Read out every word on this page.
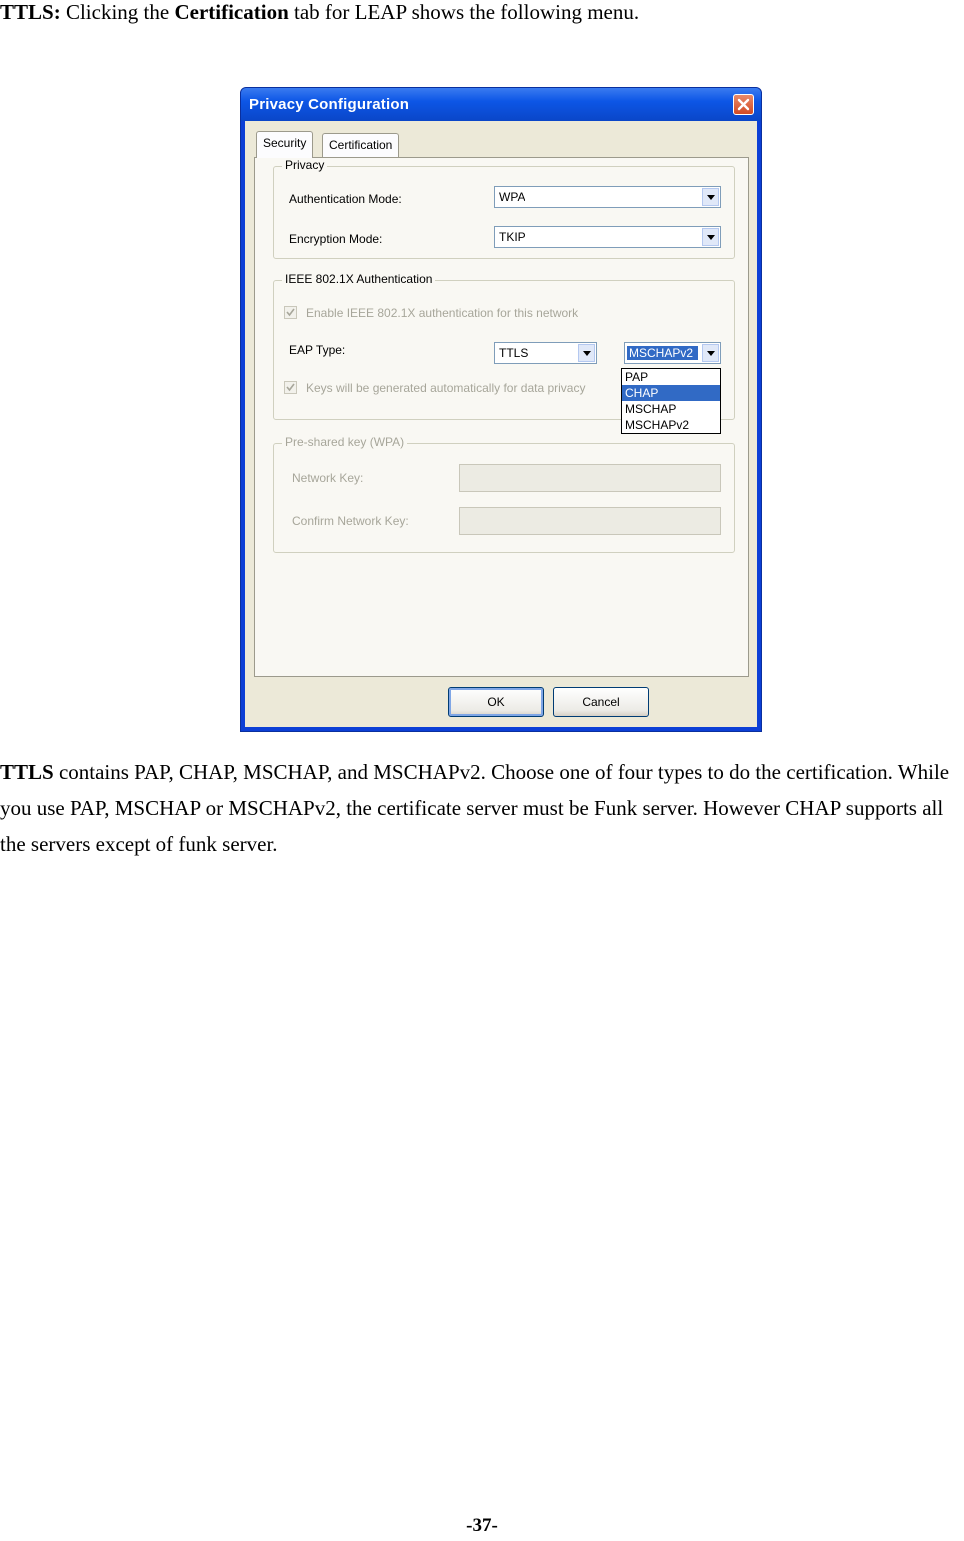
TTLS: Clicking the Certification tab for LEAP shows the following menu.
Privacy Configuration
Security	Certification
Privacy
Authentication Mode:	WPA
Encryption Mode:	TKIP
IEEE 802.1X Authentication
Enable IEEE 802.1X authentication for this network
EAP Type:	TTLS	MSCHAPv2
Keys will be generated automatically for data privacy
Pre-shared key (WPA)
Network Key:
Confirm Network Key:
PAP
CHAP
MSCHAP
MSCHAPv2
OK	Cancel
TTLS contains PAP, CHAP, MSCHAP, and MSCHAPv2. Choose one of four types to do the certification. While you use PAP, MSCHAP or MSCHAPv2, the certificate server must be Funk server. However CHAP supports all the servers except of funk server.
-37-
